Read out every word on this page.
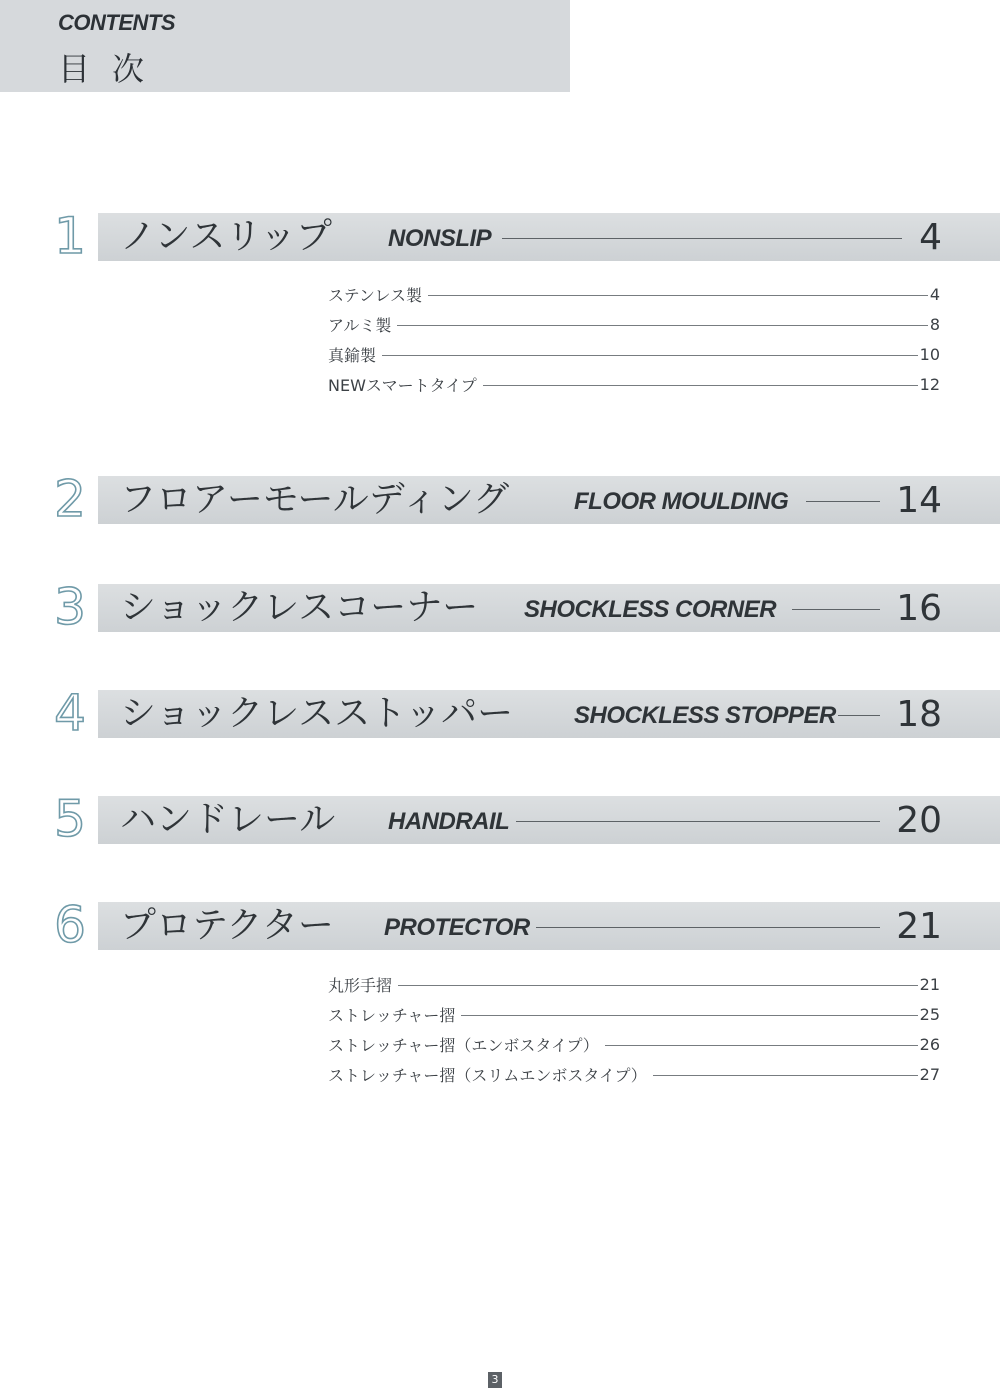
CONTENTS
目次
1 ノンスリップ NONSLIP	4
ステンレス製	4
アルミ製	8
真鍮製	10
NEWスマートタイプ	12
2 フロアーモールディング	FLOOR MOULDING	14
3 ショックレスコーナー SHOCKLESS CORNER	16
4 ショックレスストッパー	SHOCKLESS STOPPER 18
5 ハンドレール HANDRAIL	20
6 プロテクター PROTECTOR	21
丸形手摺	21
ストレッチャー摺	25
ストレッチャー摺（エンボスタイプ）	26
ストレッチャー摺（スリムエンボスタイプ）	27
3
